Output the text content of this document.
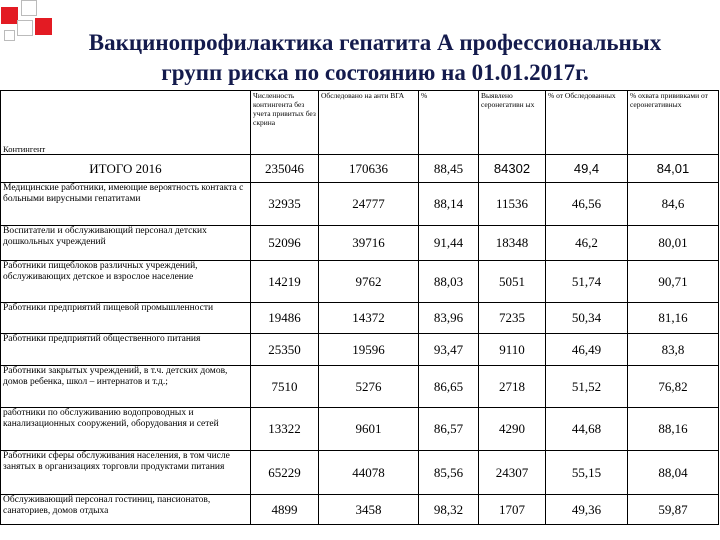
Вакцинопрофилактика гепатита А профессиональных
групп риска по состоянию на 01.01.2017г.
Контингент	Численность контингента без учета привитых без скрина	Обследовано на анти ВГА	%	Выявлено серонегативн ых	% от Обследованных	% охвата прививками от серонегативных
ИТОГО 2016	235046	170636	88,45	84302	49,4	84,01
Медицинские работники, имеющие вероятность контакта с больными вирусными гепатитами	32935	24777	88,14	11536	46,56	84,6
Воспитатели и обслуживающий персонал детских дошкольных учреждений	52096	39716	91,44	18348	46,2	80,01
Работники пищеблоков различных учреждений, обслуживающих детское и взрослое население	14219	9762	88,03	5051	51,74	90,71
Работники предприятий пищевой промышленности	19486	14372	83,96	7235	50,34	81,16
Работники предприятий общественного питания	25350	19596	93,47	9110	46,49	83,8
Работники закрытых учреждений, в т.ч. детских домов, домов ребенка, школ – интернатов и т.д.;	7510	5276	86,65	2718	51,52	76,82
работники по обслуживанию водопроводных и канализационных сооружений, оборудования и сетей	13322	9601	86,57	4290	44,68	88,16
Работники сферы обслуживания населения, в том числе занятых в организациях торговли продуктами питания	65229	44078	85,56	24307	55,15	88,04
Обслуживающий персонал гостиниц, пансионатов, санаториев, домов отдыха	4899	3458	98,32	1707	49,36	59,87
